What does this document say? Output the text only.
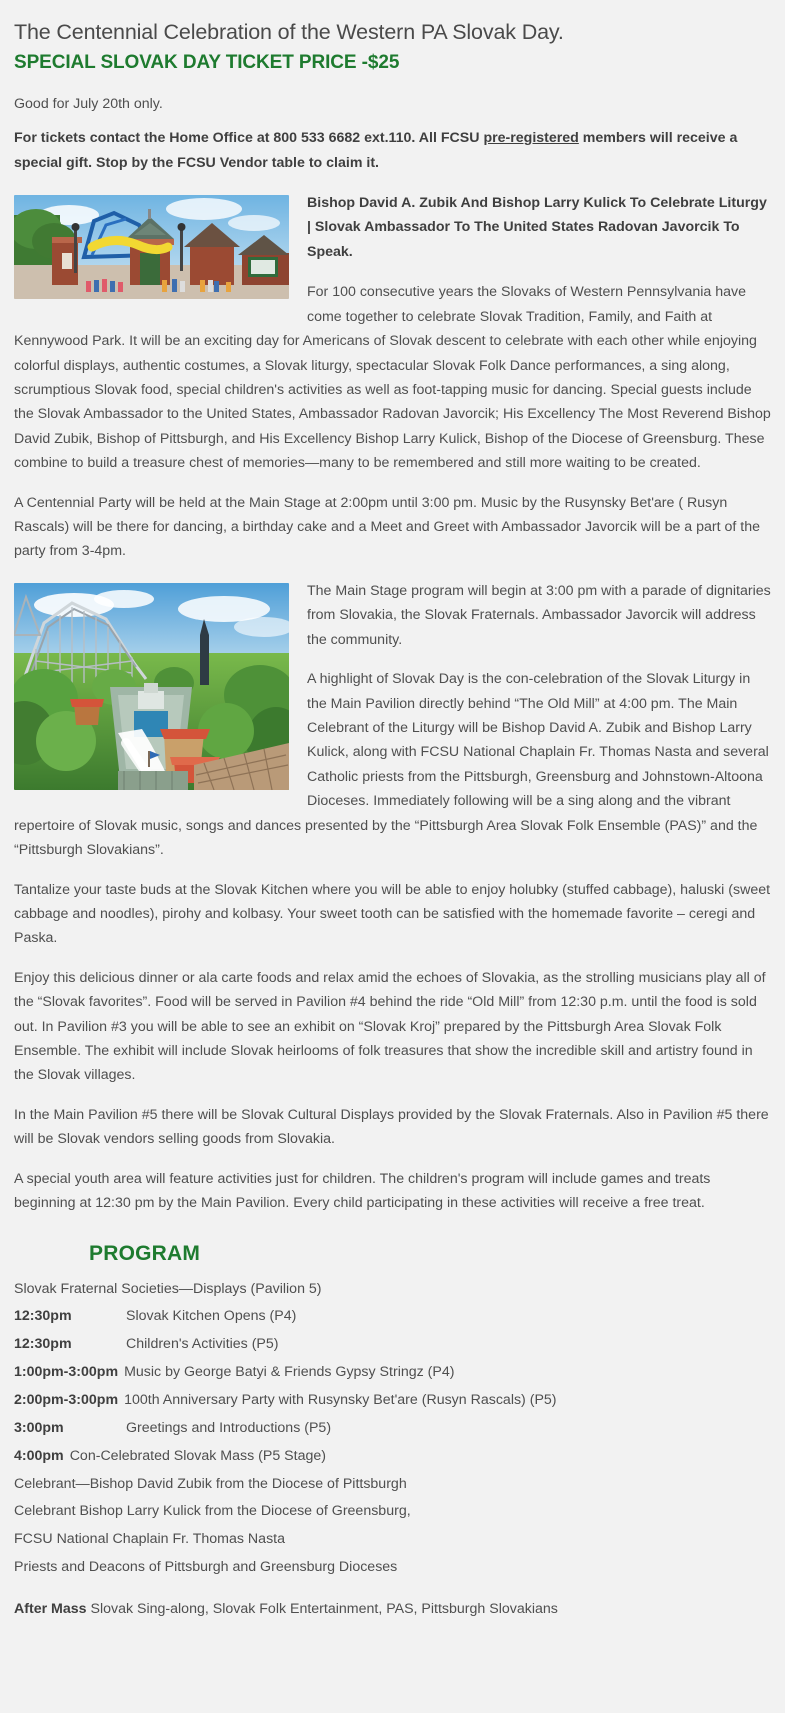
The Centennial Celebration of the Western PA Slovak Day.
SPECIAL SLOVAK DAY TICKET PRICE -$25

Good for July 20th only.

For tickets contact the Home Office at 800 533 6682 ext.110. All FCSU pre-registered members will receive a special gift. Stop by the FCSU Vendor table to claim it.

Bishop David A. Zubik And Bishop Larry Kulick To Celebrate Liturgy | Slovak Ambassador To The United States Radovan Javorcik To Speak.

For 100 consecutive years the Slovaks of Western Pennsylvania have come together to celebrate Slovak Tradition, Family, and Faith at Kennywood Park. It will be an exciting day for Americans of Slovak descent to celebrate with each other while enjoying colorful displays, authentic costumes, a Slovak liturgy, spectacular Slovak Folk Dance performances, a sing along, scrumptious Slovak food, special children's activities as well as foot-tapping music for dancing. Special guests include the Slovak Ambassador to the United States, Ambassador Radovan Javorcik; His Excellency The Most Reverend Bishop David Zubik, Bishop of Pittsburgh, and His Excellency Bishop Larry Kulick, Bishop of the Diocese of Greensburg. These combine to build a treasure chest of memories—many to be remembered and still more waiting to be created.

A Centennial Party will be held at the Main Stage at 2:00pm until 3:00 pm. Music by the Rusynsky Bet'are ( Rusyn Rascals) will be there for dancing, a birthday cake and a Meet and Greet with Ambassador Javorcik will be a part of the party from 3-4pm.

The Main Stage program will begin at 3:00 pm with a parade of dignitaries from Slovakia, the Slovak Fraternals. Ambassador Javorcik will address the community.

A highlight of Slovak Day is the con-celebration of the Slovak Liturgy in the Main Pavilion directly behind “The Old Mill” at 4:00 pm. The Main Celebrant of the Liturgy will be Bishop David A. Zubik and Bishop Larry Kulick, along with FCSU National Chaplain Fr. Thomas Nasta and several Catholic priests from the Pittsburgh, Greensburg and Johnstown-Altoona Dioceses. Immediately following will be a sing along and the vibrant repertoire of Slovak music, songs and dances presented by the “Pittsburgh Area Slovak Folk Ensemble (PAS)” and the “Pittsburgh Slovakians”.

Tantalize your taste buds at the Slovak Kitchen where you will be able to enjoy holubky (stuffed cabbage), haluski (sweet cabbage and noodles), pirohy and kolbasy. Your sweet tooth can be satisfied with the homemade favorite – ceregi and Paska.

Enjoy this delicious dinner or ala carte foods and relax amid the echoes of Slovakia, as the strolling musicians play all of the “Slovak favorites”. Food will be served in Pavilion #4 behind the ride “Old Mill” from 12:30 p.m. until the food is sold out. In Pavilion #3 you will be able to see an exhibit on “Slovak Kroj” prepared by the Pittsburgh Area Slovak Folk Ensemble. The exhibit will include Slovak heirlooms of folk treasures that show the incredible skill and artistry found in the Slovak villages.

In the Main Pavilion #5 there will be Slovak Cultural Displays provided by the Slovak Fraternals. Also in Pavilion #5 there will be Slovak vendors selling goods from Slovakia.

A special youth area will feature activities just for children. The children's program will include games and treats beginning at 12:30 pm by the Main Pavilion. Every child participating in these activities will receive a free treat.

PROGRAM
Slovak Fraternal Societies—Displays (Pavilion 5)
12:30pm	Slovak Kitchen Opens (P4)
12:30pm	Children's Activities (P5)
1:00pm-3:00pm Music by George Batyi & Friends Gypsy Stringz (P4)
2:00pm-3:00pm 100th Anniversary Party with Rusynsky Bet'are (Rusyn Rascals) (P5)
3:00pm	Greetings and Introductions (P5)
4:00pm Con-Celebrated Slovak Mass (P5 Stage)
Celebrant—Bishop David Zubik from the Diocese of Pittsburgh
Celebrant Bishop Larry Kulick from the Diocese of Greensburg,
FCSU National Chaplain Fr. Thomas Nasta
Priests and Deacons of Pittsburgh and Greensburg Dioceses
After Mass Slovak Sing-along, Slovak Folk Entertainment, PAS, Pittsburgh Slovakians
